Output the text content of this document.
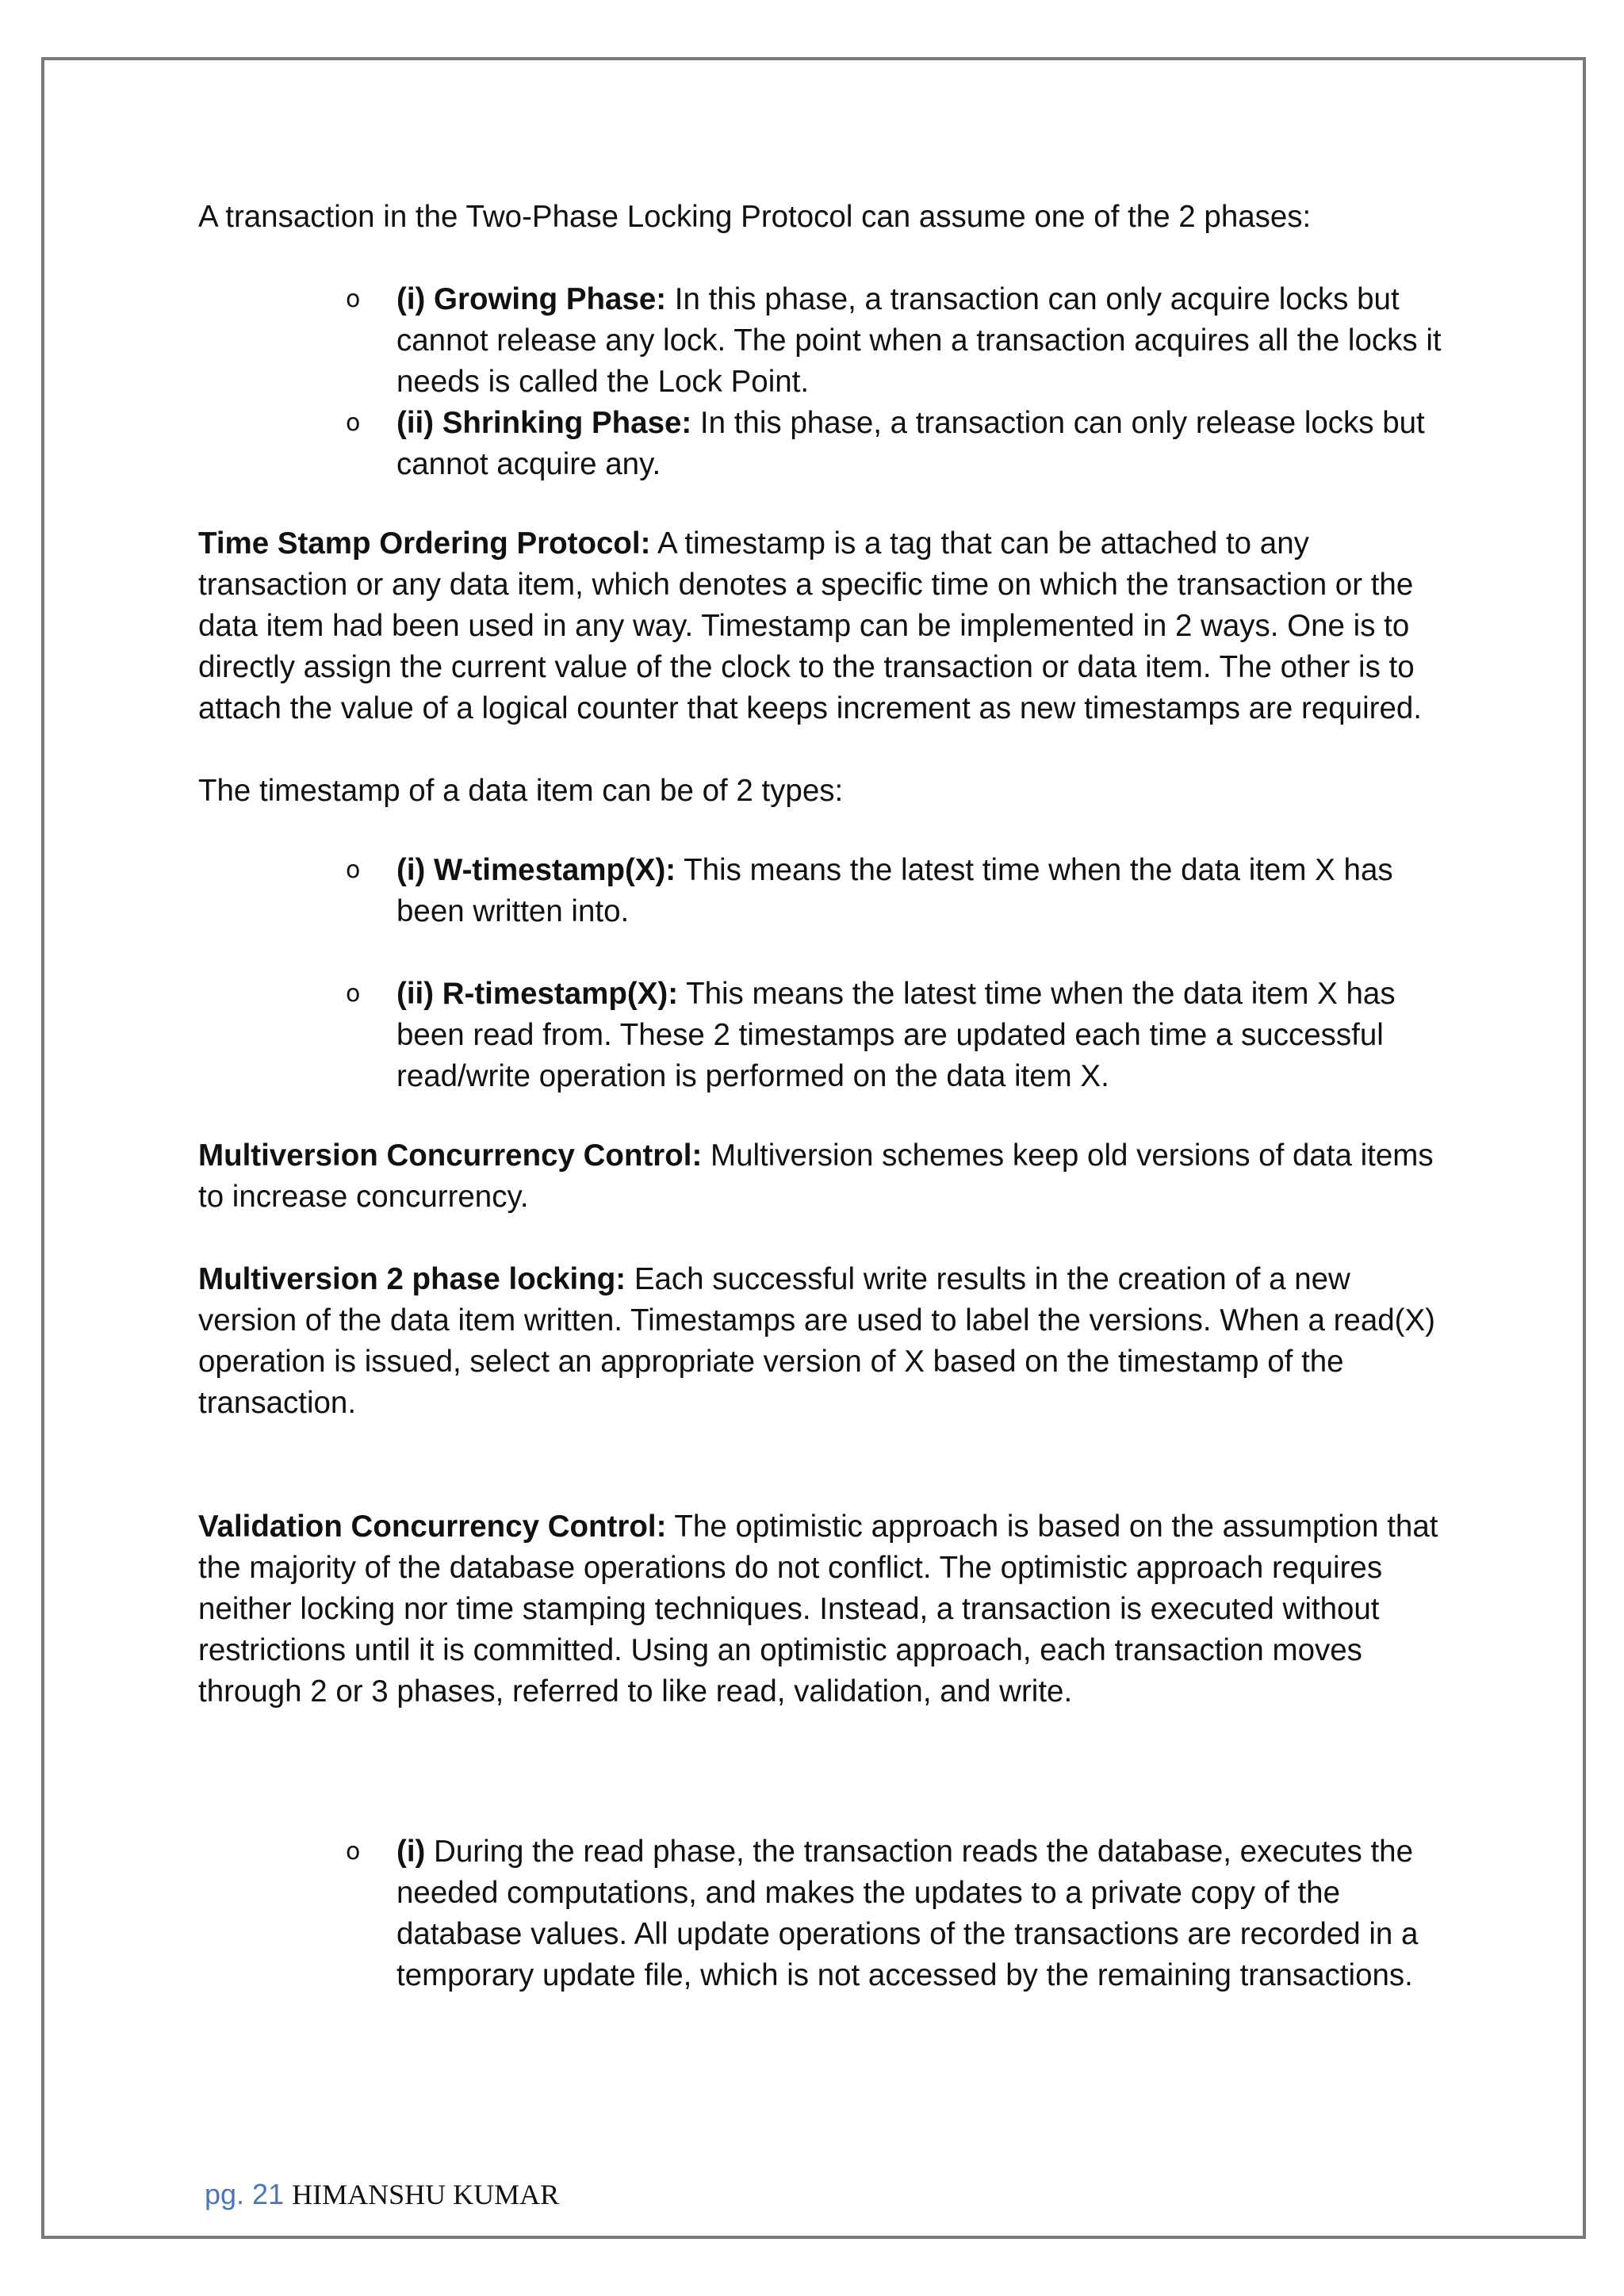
A transaction in the Two-Phase Locking Protocol can assume one of the 2 phases:

o (i) Growing Phase: In this phase, a transaction can only acquire locks but cannot release any lock. The point when a transaction acquires all the locks it needs is called the Lock Point.
o (ii) Shrinking Phase: In this phase, a transaction can only release locks but cannot acquire any.

Time Stamp Ordering Protocol: A timestamp is a tag that can be attached to any transaction or any data item, which denotes a specific time on which the transaction or the data item had been used in any way. Timestamp can be implemented in 2 ways. One is to directly assign the current value of the clock to the transaction or data item. The other is to attach the value of a logical counter that keeps increment as new timestamps are required.

The timestamp of a data item can be of 2 types:

o (i) W-timestamp(X): This means the latest time when the data item X has been written into.
o (ii) R-timestamp(X): This means the latest time when the data item X has been read from. These 2 timestamps are updated each time a successful read/write operation is performed on the data item X.

Multiversion Concurrency Control: Multiversion schemes keep old versions of data items to increase concurrency.

Multiversion 2 phase locking: Each successful write results in the creation of a new version of the data item written. Timestamps are used to label the versions. When a read(X) operation is issued, select an appropriate version of X based on the timestamp of the transaction.

Validation Concurrency Control: The optimistic approach is based on the assumption that the majority of the database operations do not conflict. The optimistic approach requires neither locking nor time stamping techniques. Instead, a transaction is executed without restrictions until it is committed. Using an optimistic approach, each transaction moves through 2 or 3 phases, referred to like read, validation, and write.

o (i) During the read phase, the transaction reads the database, executes the needed computations, and makes the updates to a private copy of the database values. All update operations of the transactions are recorded in a temporary update file, which is not accessed by the remaining transactions.
pg. 21 HIMANSHU KUMAR
